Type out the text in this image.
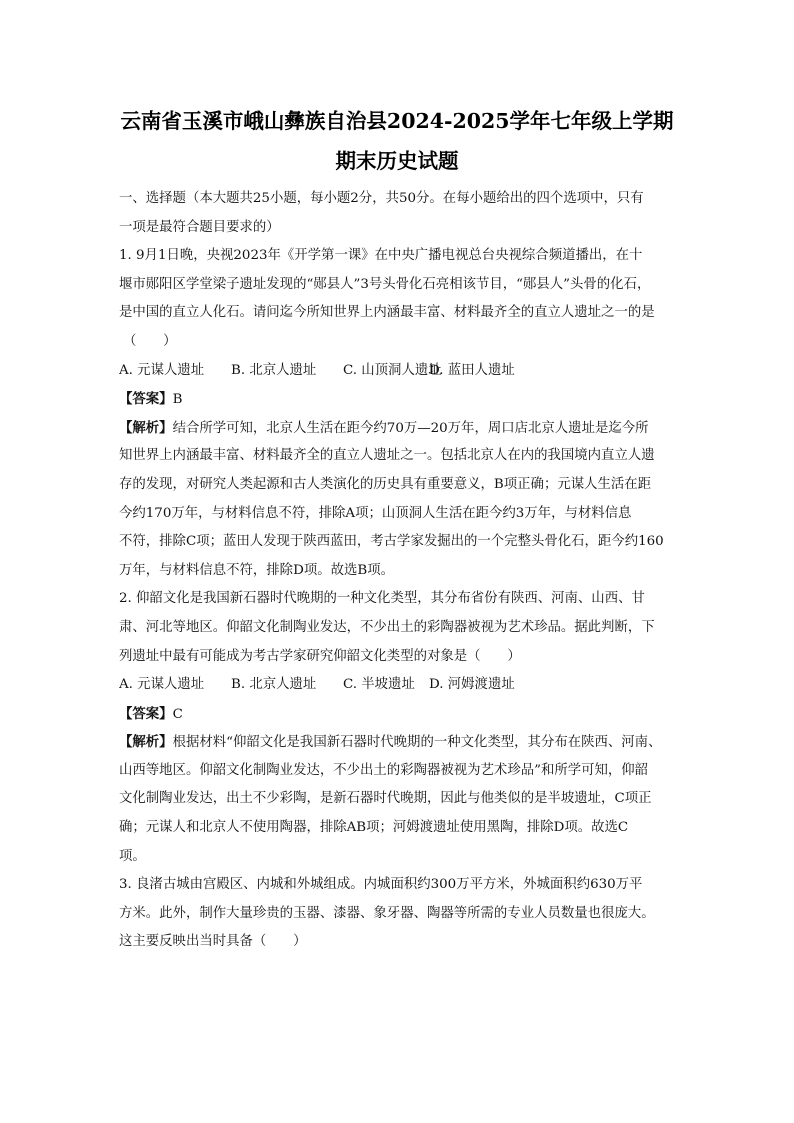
云南省玉溪市峨山彝族自治县2024-2025学年七年级上学期
期末历史试题

一、选择题（本大题共25小题，每小题2分，共50分。在每小题给出的四个选项中，只有

一项是最符合题目要求的）

1. 9月1日晚，央视2023年《开学第一课》在中央广播电视总台央视综合频道播出，在十

堰市郧阳区学堂梁子遗址发现的“郧县人”3号头骨化石亮相该节目，“郧县人”头骨的化石，

是中国的直立人化石。请问迄今所知世界上内涵最丰富、材料最齐全的直立人遗址之一的是

（　　）

A. 元谋人遗址	B. 北京人遗址	C. 山顶洞人遗址
D. 蓝田人遗址

【答案】B

【解析】结合所学可知，北京人生活在距今约70万—20万年，周口店北京人遗址是迄今所

知世界上内涵最丰富、材料最齐全的直立人遗址之一。包括北京人在内的我国境内直立人遗

存的发现，对研究人类起源和古人类演化的历史具有重要意义，B项正确；元谋人生活在距

今约170万年，与材料信息不符，排除A项；山顶洞人生活在距今约3万年，与材料信息

不符，排除C项；蓝田人发现于陕西蓝田，考古学家发掘出的一个完整头骨化石，距今约160

万年，与材料信息不符，排除D项。故选B项。

2. 仰韶文化是我国新石器时代晚期的一种文化类型，其分布省份有陕西、河南、山西、甘

肃、河北等地区。仰韶文化制陶业发达，不少出土的彩陶器被视为艺术珍品。据此判断，下

列遗址中最有可能成为考古学家研究仰韶文化类型的对象是（　　）

A. 元谋人遗址	B. 北京人遗址	C. 半坡遗址	D. 河姆渡遗址

【答案】C

【解析】根据材料“仰韶文化是我国新石器时代晚期的一种文化类型，其分布在陕西、河南、

山西等地区。仰韶文化制陶业发达，不少出土的彩陶器被视为艺术珍品”和所学可知，仰韶

文化制陶业发达，出土不少彩陶，是新石器时代晚期，因此与他类似的是半坡遗址，C项正

确；元谋人和北京人不使用陶器，排除AB项；河姆渡遗址使用黑陶，排除D项。故选C

项。

3. 良渚古城由宫殿区、内城和外城组成。内城面积约300万平方米，外城面积约630万平

方米。此外，制作大量珍贵的玉器、漆器、象牙器、陶器等所需的专业人员数量也很庞大。

这主要反映出当时具备（　　）
